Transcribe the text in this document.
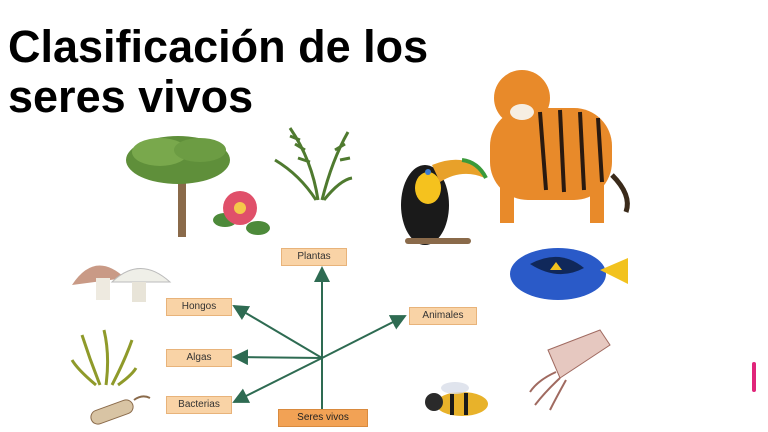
Clasificación de los
seres vivos
Plantas
Hongos
Algas
Bacterias
Animales
Seres vivos
